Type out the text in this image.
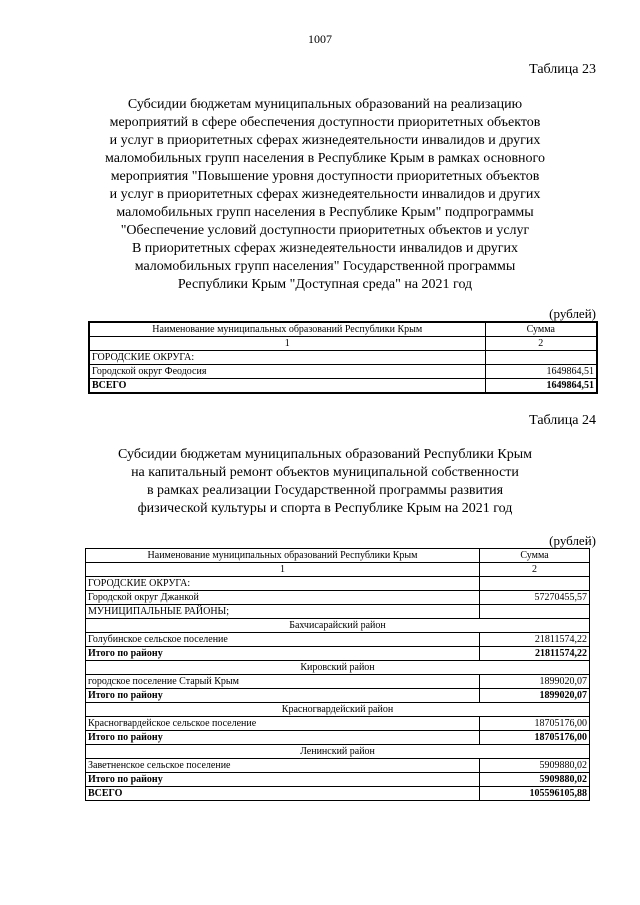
1007
Таблица 23
Субсидии бюджетам муниципальных образований на реализацию
мероприятий в сфере обеспечения доступности приоритетных объектов
и услуг в приоритетных сферах жизнедеятельности инвалидов и других
маломобильных групп населения в Республике Крым в рамках основного
мероприятия "Повышение уровня доступности приоритетных объектов
и услуг в приоритетных сферах жизнедеятельности инвалидов и других
маломобильных групп населения в Республике Крым" подпрограммы
"Обеспечение условий доступности приоритетных объектов и услуг
В приоритетных сферах жизнедеятельности инвалидов и других
маломобильных групп населения" Государственной программы
Республики Крым "Доступная среда" на 2021 год
(рублей)
Наименование муниципальных образований Республики Крым	Сумма
1	2
ГОРОДСКИЕ ОКРУГА:	
Городской округ Феодосия	1649864,51
ВСЕГО	1649864,51
Таблица 24
Субсидии бюджетам муниципальных образований Республики Крым
на капитальный ремонт объектов муниципальной собственности
в рамках реализации Государственной программы развития
физической культуры и спорта в Республике Крым на 2021 год
(рублей)
Наименование муниципальных образований Республики Крым	Сумма
1	2
ГОРОДСКИЕ ОКРУГА:	
Городской округ Джанкой	57270455,57
МУНИЦИПАЛЬНЫЕ РАЙОНЫ;	
Бахчисарайский район	
Голубинское сельское поселение	21811574,22
Итого по району	21811574,22
Кировский район	
городское поселение Старый Крым	1899020,07
Итого по району	1899020,07
Красногвардейский район	
Красногвардейское сельское поселение	18705176,00
Итого по району	18705176,00
Ленинский район	
Заветненское сельское поселение	5909880,02
Итого по району	5909880,02
ВСЕГО	105596105,88
